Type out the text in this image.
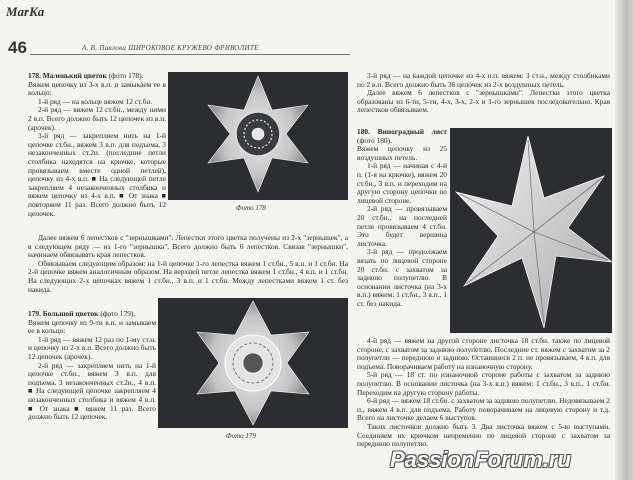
MarKa
46	А. В. Павлова ШИРОКОВОЕ КРУЖЕВО ФРИВОЛИТЕ

178. Маленький цветок (фото 178).

Вяжем цепочку из 3-х в.п. и замыкаем ее в кольцо:

1-й ряд — на кольце вяжем 12 ст.бн.

2-й ряд — вяжем 12 ст.бн., между ними 2 в.п. Всего должно быть 12 цепочек из в.п. (арочек).

3-й ряд — закрепляем нить на 1-й цепочке ст.бн., вяжем 3 в.п. для подъема, 3 незаконченных ст.2н. (последние петли столбика находятся на крючке, которые провязываем вместе одной петлей), цепочку из 4-х в.п. ■ На следующей петле закрепляем 4 незаконченных столбика и вяжем цепочку из 4-х в.п. ■ От знака ■ повторяем 11 раз. Всего должно быть 12 цепочек.

Фото 178

Далее вяжем 6 лепестков с "зернышками". Лепестки этого цветка получены из 2-х "зернышек", а в следующем ряду — из 1-го "зернышка". Всего должно быть 6 лепестков. Связав "зернышки", начинаем обвязывать края лепестков.

Обвязываем следующим образом: на 1-й цепочке 1-го лепестка вяжем 1 ст.бн., 5 в.п. и 1 ст.бн. На 2-й цепочке вяжем аналогичным образом. На верхней петле лепестка вяжем 1 ст.бн., 4 в.п. и 1 ст.бн. На следующих 2-х цепочках вяжем 1 ст.бн., 3 в.п. и 1 ст.бн. Между лепестками вяжем 1 ст. без накида.

179. Большой цветок (фото 179).

Вяжем цепочку из 9-ти в.п. и замыкаем ее в кольцо:

1-й ряд — вяжем 12 раз по 1-му ст.н. и цепочку из 2-х в.п. Всего должно быть 12 цепочек (арочек).

2-й ряд — закрепляем нить на 1-й цепочке ст.бн., вяжем 3 в.п. для подъема, 3 незаконченных ст.2н., 4 в.п. ■ На следующей цепочке закрепляем 4 незаконченных столбика и вяжем 4 в.п. ■ От знака ■ вяжем 11 раз. Всего должно быть 12 цепочек.

Фото 179

3-й ряд — на каждой цепочке из 4-х в.п. вяжем: 3 ст.н., между столбиками по 2 в.п. Всего должно быть 36 цепочек из 2-х воздушных петель.

Далее вяжем 6 лепестков с "зернышками". Лепестки этого цветка образованы из 6-ти, 5-ти, 4-х, 3-х, 2-х и 1-го зернышек последовательно. Края лепестков обвязываем.

180. Виноградный лист (фото 180).

Вяжем цепочку из 25 воздушных петель.

1-й ряд — начиная с 4-й п. (1-я на крючке), вяжем 20 ст.бн., 3 в.п. и переходим на другую сторону цепочки по лицевой стороне.

2-й ряд — провязываем 20 ст.бн., на последней петле провязываем 4 ст.бн. Это будет вершина листочка.

3-й ряд — продолжаем вязать по лицевой стороне 20 ст.бн. с захватом за заднюю полупетлю. В основании листочка (на 3-х в.п.) вяжем: 1 ст.бн., 3 в.п., 1 ст. без накида.

4-й ряд — вяжем на другой стороне листочка 18 ст.бн. также по лицевой стороне, с захватом за заднюю полупетлю. Последние ст. вяжем с захватом за 2 полупетли — переднюю и заднюю. Оставшиеся 2 п. не провязываем, 4 в.п. для подъема. Поворачиваем работу на изнаночную сторону.

5-й ряд — 18 ст. по изнаночной стороне работы с захватом за заднюю полупетлю. В основании листочка (на 3-х в.п.) вяжем: 1 ст.бн., 3 в.п., 1 ст.бн. Переходим на другую сторону работы.

6-й ряд — вяжем 18 ст.бн. с захватом за заднюю полупетлю. Недовязываем 2 п., вяжем 4 в.п. для подъема. Работу поворачиваем на лицевую сторону и т.д. Всего на листочке делаем 6 выступов.

Таких листочков должно быть 3. Два листочка вяжем с 5-ю выступами. Соединяем их крючком непременно по лицевой стороне с захватом за переднюю полупетлю.

PassionForum.ru
